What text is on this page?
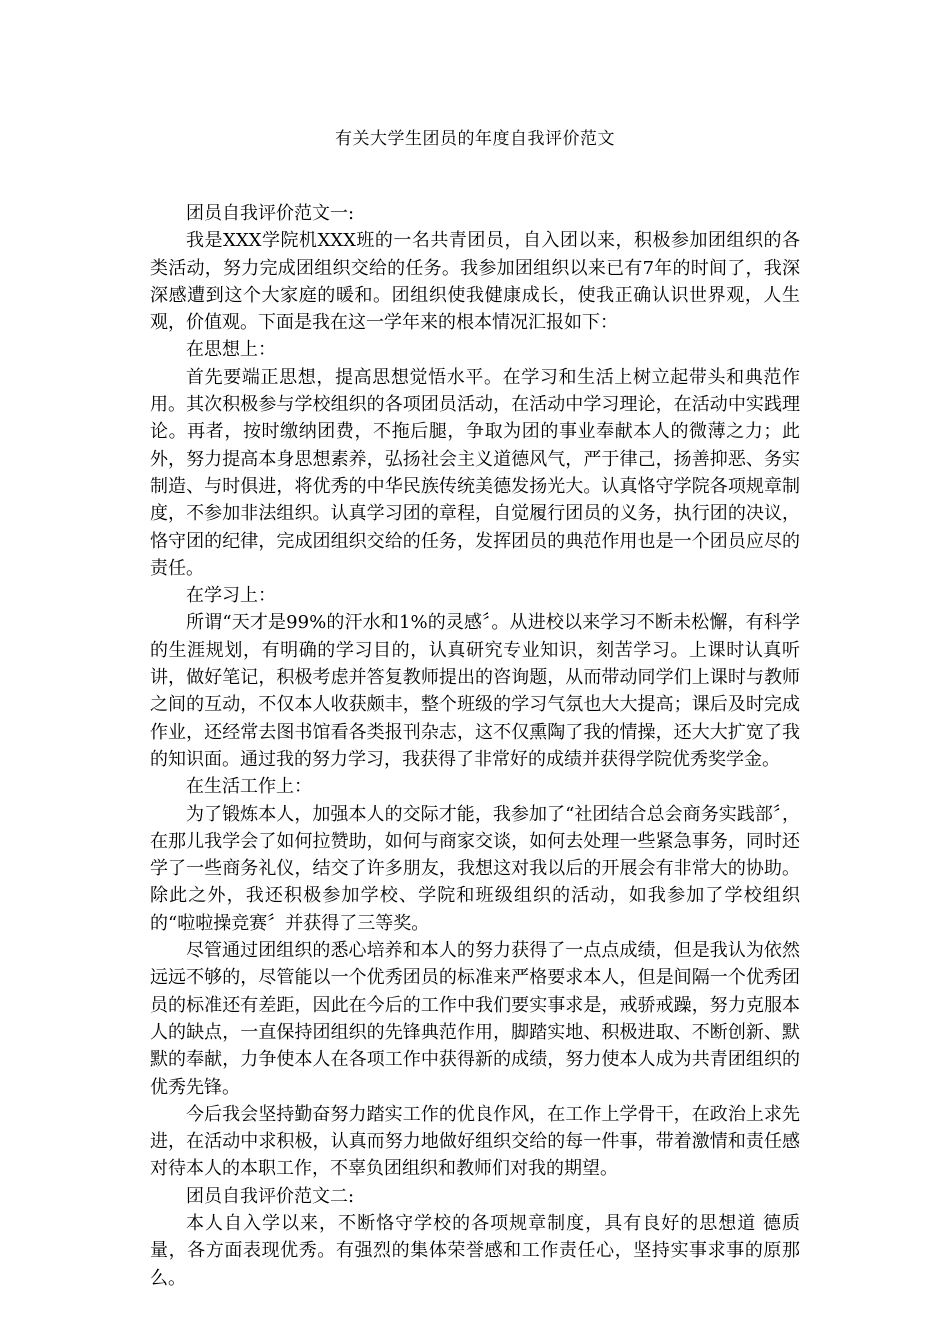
有关大学生团员的年度自我评价范文

团员自我评价范文一:

我是XXX学院机XXX班的一名共青团员，自入团以来，积极参加团组织的各类活动，努力完成团组织交给的任务。我参加团组织以来已有7年的时间了，我深深感遭到这个大家庭的暖和。团组织使我健康成长，使我正确认识世界观，人生观，价值观。下面是我在这一学年来的根本情况汇报如下：

在思想上：

首先要端正思想，提高思想觉悟水平。在学习和生活上树立起带头和典范作用。其次积极参与学校组织的各项团员活动，在活动中学习理论，在活动中实践理论。再者，按时缴纳团费，不拖后腿，争取为团的事业奉献本人的微薄之力；此外，努力提高本身思想素养，弘扬社会主义道德风气，严于律己，扬善抑恶、务实制造、与时俱进，将优秀的中华民族传统美德发扬光大。认真恪守学院各项规章制度，不参加非法组织。认真学习团的章程，自觉履行团员的义务，执行团的决议，恪守团的纪律，完成团组织交给的任务，发挥团员的典范作用也是一个团员应尽的责任。

在学习上：

所谓“天才是99%的汗水和1%的灵感〞。从进校以来学习不断未松懈，有科学的生涯规划，有明确的学习目的，认真研究专业知识，刻苦学习。上课时认真听讲，做好笔记，积极考虑并答复教师提出的咨询题，从而带动同学们上课时与教师之间的互动，不仅本人收获颇丰，整个班级的学习气氛也大大提高；课后及时完成作业，还经常去图书馆看各类报刊杂志，这不仅熏陶了我的情操，还大大扩宽了我的知识面。通过我的努力学习，我获得了非常好的成绩并获得学院优秀奖学金。

在生活工作上：

为了锻炼本人，加强本人的交际才能，我参加了“社团结合总会商务实践部〞，在那儿我学会了如何拉赞助，如何与商家交谈，如何去处理一些紧急事务，同时还学了一些商务礼仪，结交了许多朋友，我想这对我以后的开展会有非常大的协助。除此之外，我还积极参加学校、学院和班级组织的活动，如我参加了学校组织的“啦啦操竞赛〞并获得了三等奖。

尽管通过团组织的悉心培养和本人的努力获得了一点点成绩，但是我认为依然远远不够的，尽管能以一个优秀团员的标准来严格要求本人，但是间隔一个优秀团员的标准还有差距，因此在今后的工作中我们要实事求是，戒骄戒躁，努力克服本人的缺点，一直保持团组织的先锋典范作用，脚踏实地、积极进取、不断创新、默默的奉献，力争使本人在各项工作中获得新的成绩，努力使本人成为共青团组织的优秀先锋。

今后我会坚持勤奋努力踏实工作的优良作风，在工作上学骨干，在政治上求先进，在活动中求积极，认真而努力地做好组织交给的每一件事，带着激情和责任感对待本人的本职工作，不辜负团组织和教师们对我的期望。

团员自我评价范文二:

本人自入学以来，不断恪守学校的各项规章制度，具有良好的思想道 德质量，各方面表现优秀。有强烈的集体荣誉感和工作责任心，坚持实事求事的原那么。
